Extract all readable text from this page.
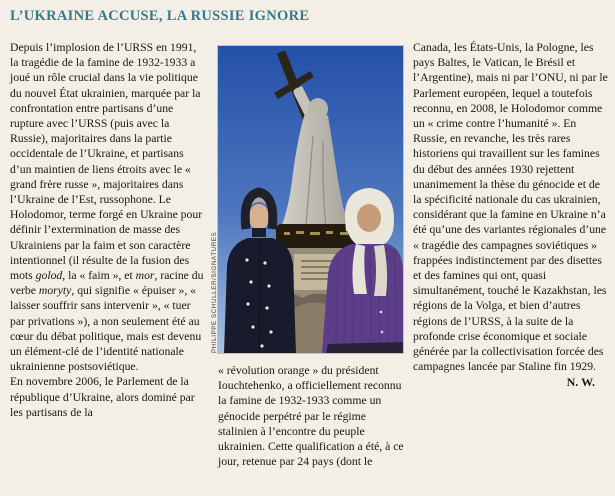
L’UKRAINE ACCUSE, LA RUSSIE IGNORE

Depuis l’implosion de l’URSS en 1991, la tragédie de la famine de 1932-1933 a joué un rôle crucial dans la vie politique du nouvel État ukrainien, marquée par la confrontation entre partisans d’une rupture avec l’URSS (puis avec la Russie), majoritaires dans la partie occidentale de l’Ukraine, et partisans d’un maintien de liens étroits avec le « grand frère russe », majoritaires dans l’Ukraine de l’Est, russophone. Le Holodomor, terme forgé en Ukraine pour définir l’extermination de masse des Ukrainiens par la faim et son caractère intentionnel (il résulte de la fusion des mots golod, la « faim », et mor, racine du verbe moryty, qui signifie « épuiser », « laisser souffrir sans intervenir », « tuer par privations »), a non seulement été au cœur du débat politique, mais est devenu un élément-clé de l’identité nationale ukrainienne postsoviétique.

En novembre 2006, le Parlement de la république d’Ukraine, alors dominé par les partisans de la

PHILIPPE SCHULLER/SIGNATURES

« révolution orange » du président Iouchtehenko, a officiellement reconnu la famine de 1932-1933 comme un génocide perpétré par le régime stalinien à l’encontre du peuple ukrainien. Cette qualification a été, à ce jour, retenue par 24 pays (dont le

Canada, les États-Unis, la Pologne, les pays Baltes, le Vatican, le Brésil et l’Argentine), mais ni par l’ONU, ni par le Parlement européen, lequel a toutefois reconnu, en 2008, le Holodomor comme un « crime contre l’humanité ». En Russie, en revanche, les très rares historiens qui travaillent sur les famines du début des années 1930 rejettent unanimement la thèse du génocide et de la spécificité nationale du cas ukrainien, considérant que la famine en Ukraine n’a été qu’une des variantes régionales d’une « tragédie des campagnes soviétiques » frappées indistinctement par des disettes et des famines qui ont, quasi simultanément, touché le Kazakhstan, les régions de la Volga, et bien d’autres régions de l’URSS, à la suite de la profonde crise économique et sociale générée par la collectivisation forcée des campagnes lancée par Staline fin 1929.

N. W.
